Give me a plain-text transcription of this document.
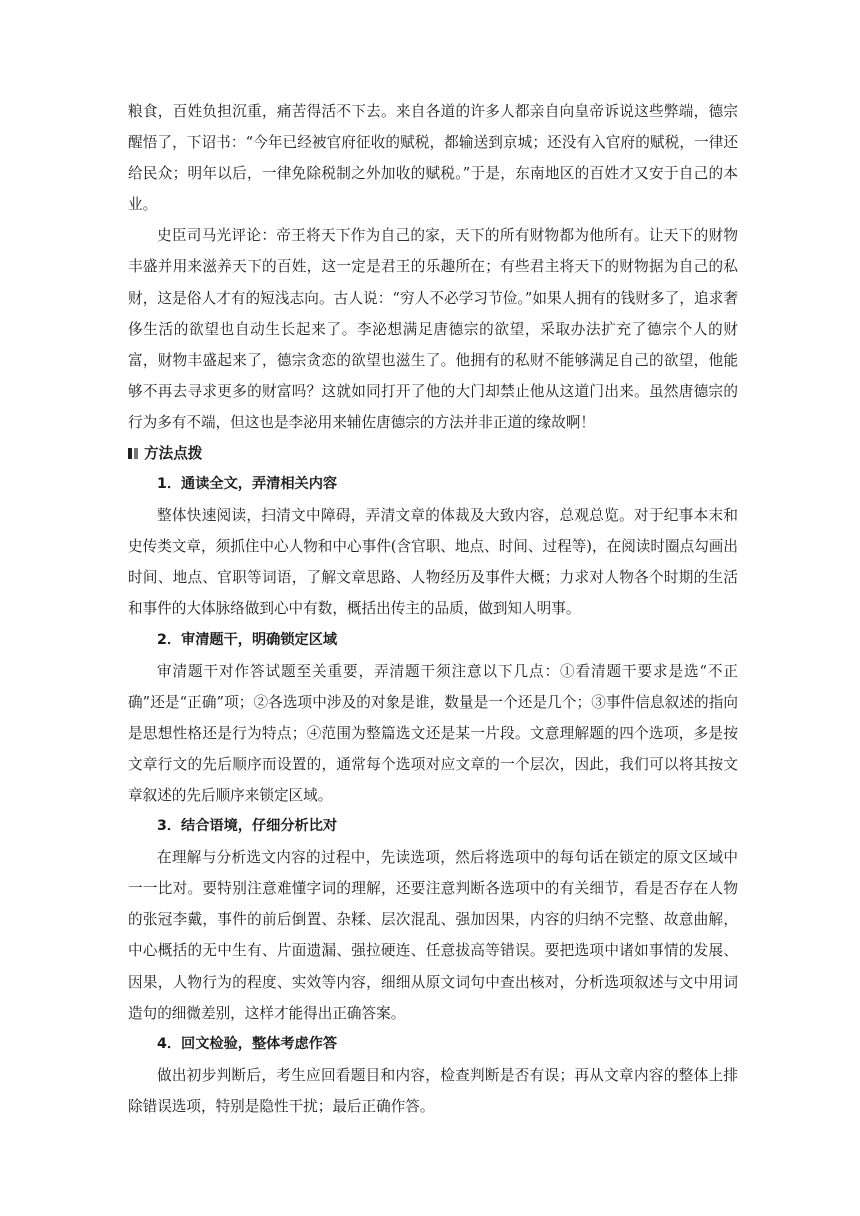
粮食，百姓负担沉重，痛苦得活不下去。来自各道的许多人都亲自向皇帝诉说这些弊端，德宗醒悟了，下诏书：“今年已经被官府征收的赋税，都输送到京城；还没有入官府的赋税，一律还给民众；明年以后，一律免除税制之外加收的赋税。”于是，东南地区的百姓才又安于自己的本业。

史臣司马光评论：帝王将天下作为自己的家，天下的所有财物都为他所有。让天下的财物丰盛并用来滋养天下的百姓，这一定是君王的乐趣所在；有些君主将天下的财物据为自己的私财，这是俗人才有的短浅志向。古人说：“穷人不必学习节俭。”如果人拥有的钱财多了，追求奢侈生活的欲望也自动生长起来了。李泌想满足唐德宗的欲望，采取办法扩充了德宗个人的财富，财物丰盛起来了，德宗贪恋的欲望也滋生了。他拥有的私财不能够满足自己的欲望，他能够不再去寻求更多的财富吗？这就如同打开了他的大门却禁止他从这道门出来。虽然唐德宗的行为多有不端，但这也是李泌用来辅佐唐德宗的方法并非正道的缘故啊！

方法点拨

1．通读全文，弄清相关内容

整体快速阅读，扫清文中障碍，弄清文章的体裁及大致内容，总观总览。对于纪事本末和史传类文章，须抓住中心人物和中心事件(含官职、地点、时间、过程等)，在阅读时圈点勾画出时间、地点、官职等词语，了解文章思路、人物经历及事件大概；力求对人物各个时期的生活和事件的大体脉络做到心中有数，概括出传主的品质，做到知人明事。

2．审清题干，明确锁定区域

审清题干对作答试题至关重要，弄清题干须注意以下几点：①看清题干要求是选“不正确”还是“正确”项；②各选项中涉及的对象是谁，数量是一个还是几个；③事件信息叙述的指向是思想性格还是行为特点；④范围为整篇选文还是某一片段。文意理解题的四个选项，多是按文章行文的先后顺序而设置的，通常每个选项对应文章的一个层次，因此，我们可以将其按文章叙述的先后顺序来锁定区域。

3．结合语境，仔细分析比对

在理解与分析选文内容的过程中，先读选项，然后将选项中的每句话在锁定的原文区域中一一比对。要特别注意难懂字词的理解，还要注意判断各选项中的有关细节，看是否存在人物的张冠李戴，事件的前后倒置、杂糅、层次混乱、强加因果，内容的归纳不完整、故意曲解，中心概括的无中生有、片面遗漏、强拉硬连、任意拔高等错误。要把选项中诸如事情的发展、因果，人物行为的程度、实效等内容，细细从原文词句中查出核对，分析选项叙述与文中用词造句的细微差别，这样才能得出正确答案。

4．回文检验，整体考虑作答

做出初步判断后，考生应回看题目和内容，检查判断是否有误；再从文章内容的整体上排除错误选项，特别是隐性干扰；最后正确作答。
